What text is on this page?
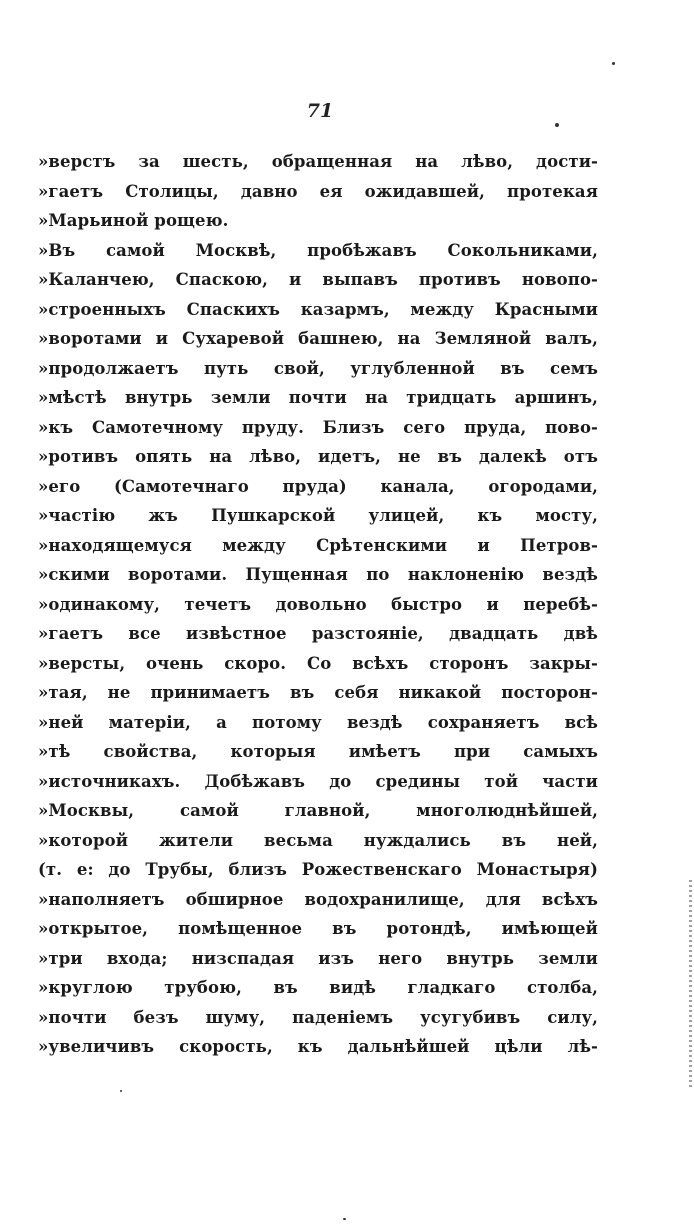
71
»верстъ за шесть, обращенная на лѣво, дости-
»гаетъ Столицы, давно ея ожидавшей, протекая
»Марьиной рощею.
»Въ самой Москвѣ, пробѣжавъ Сокольниками,
»Каланчею, Спаскою, и выпавъ противъ новопо-
»строенныхъ Спаскихъ казармъ, между Красными
»воротами и Сухаревой башнею, на Земляной валъ,
»продолжаетъ путь свой, углубленной въ семъ
»мѣстѣ внутрь земли почти на тридцать аршинъ,
»къ Самотечному пруду. Близъ сего пруда, пово-
»ротивъ опять на лѣво, идетъ, не въ далекѣ отъ
»его (Самотечнаго пруда) канала, огородами,
»частію жъ Пушкарской улицей, къ мосту,
»находящемуся между Срѣтенскими и Петров-
»скими воротами. Пущенная по наклоненію вездѣ
»одинакому, течетъ довольно быстро и перебѣ-
»гаетъ все извѣстное разстояніе, двадцать двѣ
»версты, очень скоро. Со всѣхъ сторонъ закры-
»тая, не принимаетъ въ себя никакой посторон-
»ней матеріи, а потому вездѣ сохраняетъ всѣ
»тѣ свойства, которыя имѣетъ при самыхъ
»источникахъ. Добѣжавъ до средины той части
»Москвы, самой главной, многолюднѣйшей,
»которой жители весьма нуждались въ ней,
(т. е: до Трубы, близъ Рожественскаго Монастыря)
»наполняетъ обширное водохранилище, для всѣхъ
»открытое, помѣщенное въ ротондѣ, имѣющей
»три входа; низспадая изъ него внутрь земли
»круглою трубою, въ видѣ гладкаго столба,
»почти безъ шуму, паденіемъ усугубивъ силу,
»увеличивъ скорость, къ дальнѣйшей цѣли лѣ-
